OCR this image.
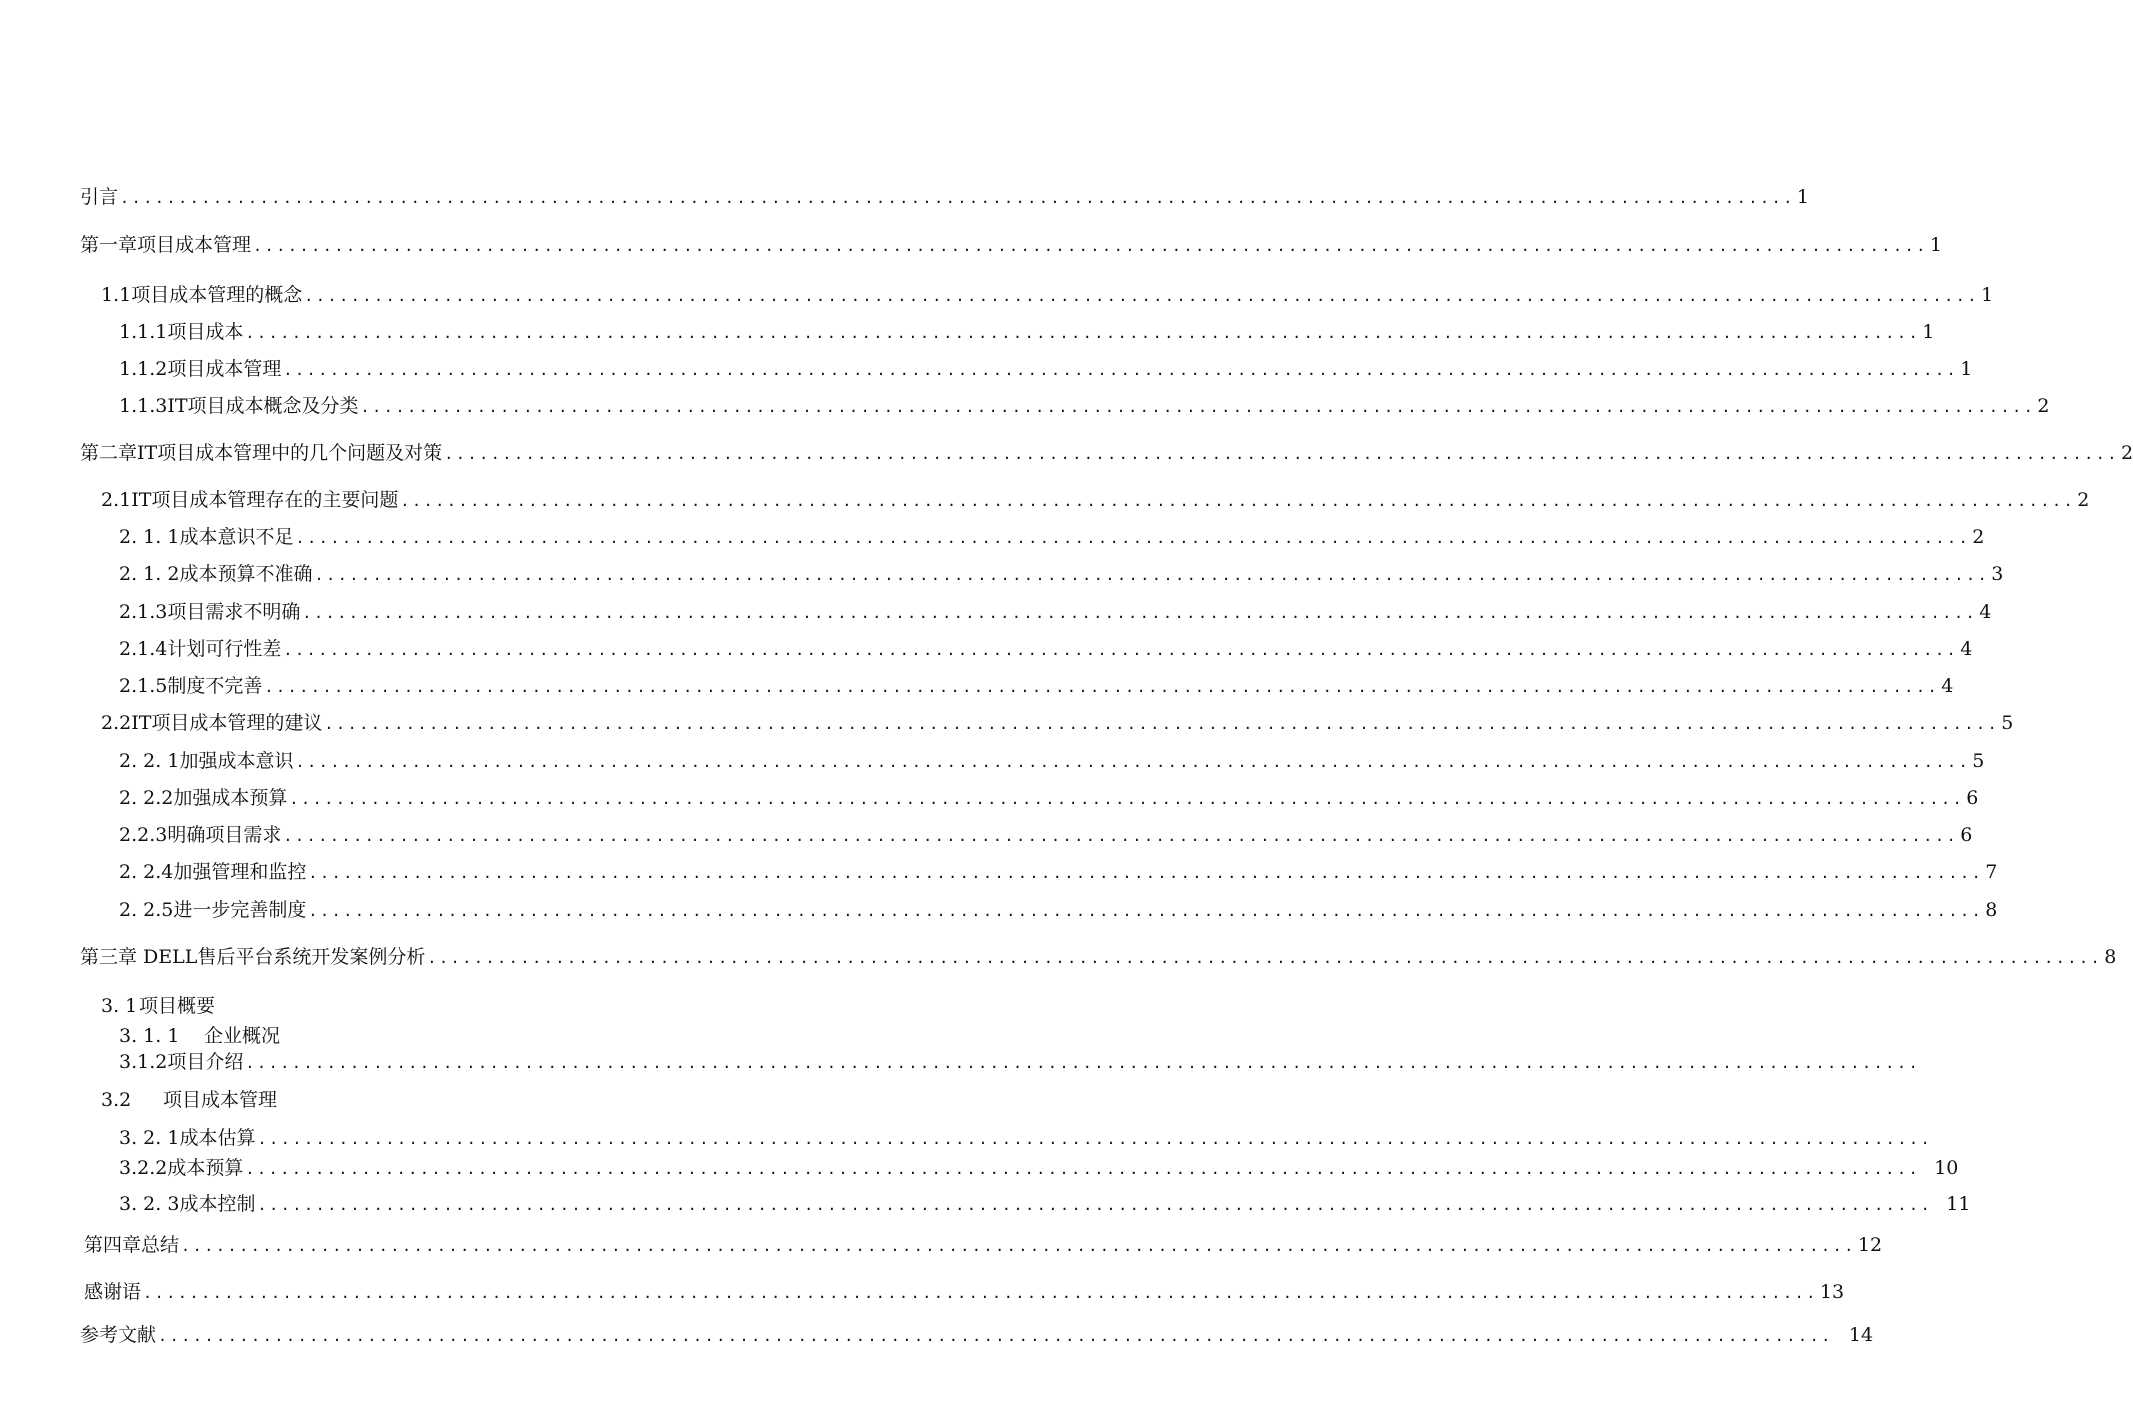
引言 ................................................................................................................................................ 1
第一章项目成本管理 ................................................................................................................................................ 1
1.1 项目成本管理的概念 ................................................................................................................................................ 1
1.1.1 项目成本 ................................................................................................................................................ 1
1.1.2 项目成本管理 ................................................................................................................................................ 1
1.1.3 IT项目成本概念及分类 ................................................................................................................................................ 2
第二章IT项目成本管理中的几个问题及对策 ................................................................................................................................................ 2
2.1 IT项目成本管理存在的主要问题 ................................................................................................................................................ 2
2. 1. 1 成本意识不足 ................................................................................................................................................ 2
2. 1. 2 成本预算不准确 ................................................................................................................................................ 3
2.1.3 项目需求不明确 ................................................................................................................................................ 4
2.1.4 计划可行性差 ................................................................................................................................................ 4
2.1.5 制度不完善 ................................................................................................................................................ 4
2.2 IT项目成本管理的建议 ................................................................................................................................................ 5
2. 2. 1 加强成本意识 ................................................................................................................................................ 5
2. 2.2 加强成本预算 ................................................................................................................................................ 6
2.2.3 明确项目需求 ................................................................................................................................................ 6
2. 2.4 加强管理和监控 ................................................................................................................................................ 7
2. 2.5 进一步完善制度 ................................................................................................................................................ 8
第三章 DELL售后平台系统开发案例分析 ................................................................................................................................................ 8
3. 1 项目概要
3. 1. 1	企业概况
3.1.2 项目介绍 ................................................................................................................................................
3.2	项目成本管理
3. 2. 1 成本估算 ................................................................................................................................................
3.2.2 成本预算 ................................................................................................................................................ 10
3. 2. 3 成本控制 ................................................................................................................................................ 11
第四章总结 ................................................................................................................................................ 12
感谢语 ................................................................................................................................................ 13
参考文献 ................................................................................................................................................ 14
